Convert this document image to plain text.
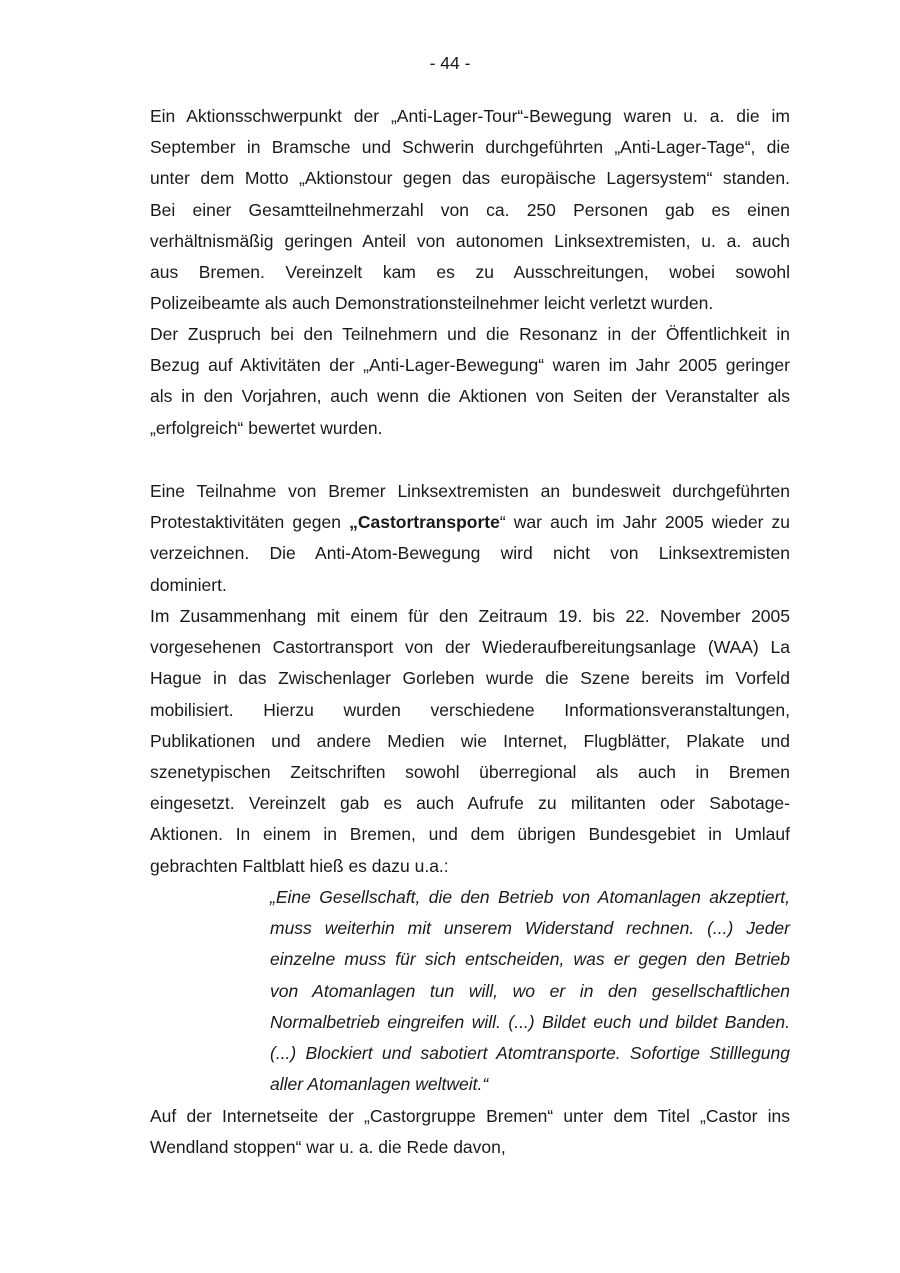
- 44 -
Ein Aktionsschwerpunkt der „Anti-Lager-Tour“-Bewegung waren u. a. die im
September in Bramsche und Schwerin durchgeführten „Anti-Lager-Tage“, die
unter dem Motto „Aktionstour gegen das europäische Lagersystem“ standen.
Bei einer Gesamtteilnehmerzahl von ca. 250 Personen gab es einen
verhältnismäßig geringen Anteil von autonomen Linksextremisten, u. a. auch
aus Bremen. Vereinzelt kam es zu Ausschreitungen, wobei sowohl
Polizeibeamte als auch Demonstrationsteilnehmer leicht verletzt wurden.
Der Zuspruch bei den Teilnehmern und die Resonanz in der Öffentlichkeit in
Bezug auf Aktivitäten der „Anti-Lager-Bewegung“ waren im Jahr 2005 geringer
als in den Vorjahren, auch wenn die Aktionen von Seiten der Veranstalter als
„erfolgreich“ bewertet wurden.
Eine Teilnahme von Bremer Linksextremisten an bundesweit durchgeführten
Protestaktivitäten gegen „Castortransporte“ war auch im Jahr 2005 wieder zu
verzeichnen. Die Anti-Atom-Bewegung wird nicht von Linksextremisten
dominiert.
Im Zusammenhang mit einem für den Zeitraum 19. bis 22. November 2005
vorgesehenen Castortransport von der Wiederaufbereitungsanlage (WAA) La
Hague in das Zwischenlager Gorleben wurde die Szene bereits im Vorfeld
mobilisiert. Hierzu wurden verschiedene Informationsveranstaltungen,
Publikationen und andere Medien wie Internet, Flugblätter, Plakate und
szenetypischen Zeitschriften sowohl überregional als auch in Bremen
eingesetzt. Vereinzelt gab es auch Aufrufe zu militanten oder Sabotage-
Aktionen. In einem in Bremen, und dem übrigen Bundesgebiet in Umlauf
gebrachten Faltblatt hieß es dazu u.a.:
„Eine Gesellschaft, die den Betrieb von Atomanlagen akzeptiert,
muss weiterhin mit unserem Widerstand rechnen. (...) Jeder
einzelne muss für sich entscheiden, was er gegen den Betrieb
von Atomanlagen tun will, wo er in den gesellschaftlichen
Normalbetrieb eingreifen will. (...) Bildet euch und bildet Banden.
(...) Blockiert und sabotiert Atomtransporte. Sofortige Stilllegung
aller Atomanlagen weltweit.“
Auf der Internetseite der „Castorgruppe Bremen“ unter dem Titel „Castor ins
Wendland stoppen“ war u. a. die Rede davon,
